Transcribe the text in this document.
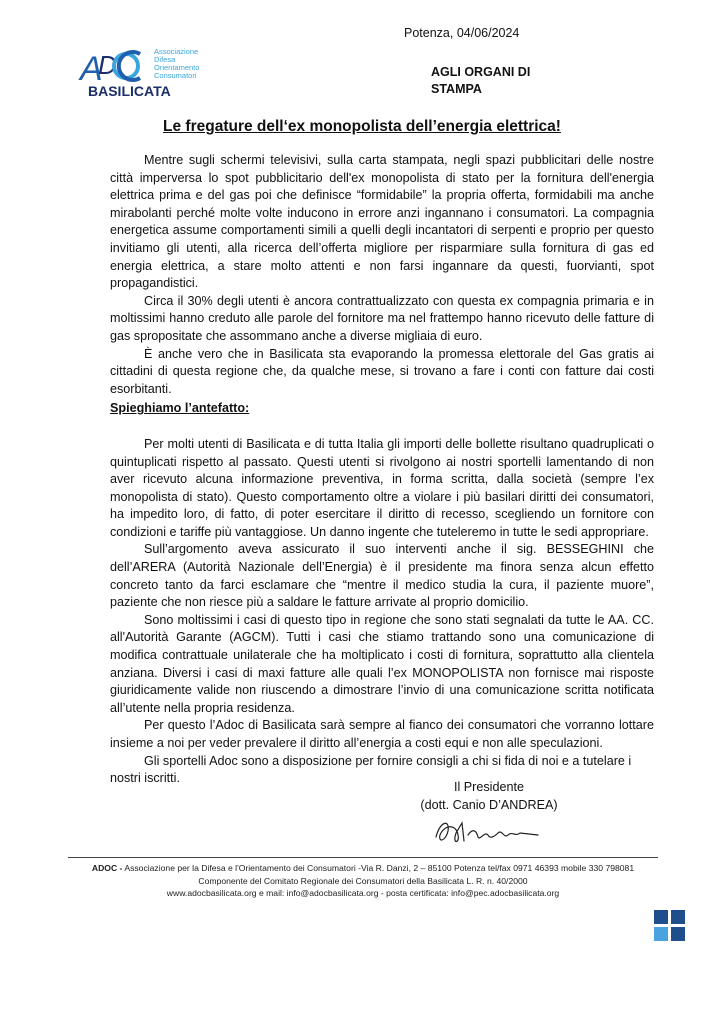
Potenza, 04/06/2024
A
D	Associazione
Difesa
Orientamento
Consumatori
BASILICATA
AGLI ORGANI DI
STAMPA
Le fregature dell‘ex monopolista dell’energia elettrica!

Mentre sugli schermi televisivi, sulla carta stampata, negli spazi pubblicitari delle nostre città imperversa lo spot pubblicitario dell'ex monopolista di stato per la fornitura dell'energia elettrica prima e del gas poi che definisce “formidabile” la propria offerta, formidabili ma anche mirabolanti perché molte volte inducono in errore anzi ingannano i consumatori. La compagnia energetica assume comportamenti simili a quelli degli incantatori di serpenti e proprio per questo invitiamo gli utenti, alla ricerca dell’offerta migliore per risparmiare sulla fornitura di gas ed energia elettrica, a stare molto attenti e non farsi ingannare da questi, fuorvianti, spot propagandistici.

Circa il 30% degli utenti è ancora contrattualizzato con questa ex compagnia primaria e in moltissimi hanno creduto alle parole del fornitore ma nel frattempo hanno ricevuto delle fatture di gas spropositate che assommano anche a diverse migliaia di euro.

È anche vero che in Basilicata sta evaporando la promessa elettorale del Gas gratis ai cittadini di questa regione che, da qualche mese, si trovano a fare i conti con fatture dai costi esorbitanti.

Spieghiamo l’antefatto:

Per molti utenti di Basilicata e di tutta Italia gli importi delle bollette risultano quadruplicati o quintuplicati rispetto al passato. Questi utenti si rivolgono ai nostri sportelli lamentando di non aver ricevuto alcuna informazione preventiva, in forma scritta, dalla società (sempre l’ex monopolista di stato). Questo comportamento oltre a violare i più basilari diritti dei consumatori, ha impedito loro, di fatto, di poter esercitare il diritto di recesso, scegliendo un fornitore con condizioni e tariffe più vantaggiose. Un danno ingente che tuteleremo in tutte le sedi appropriare.

Sull’argomento aveva assicurato il suo interventi anche il sig. BESSEGHINI che dell’ARERA (Autorità Nazionale dell’Energia) è il presidente ma finora senza alcun effetto concreto tanto da farci esclamare che “mentre il medico studia la cura, il paziente muore”, paziente che non riesce più a saldare le fatture arrivate al proprio domicilio.

Sono moltissimi i casi di questo tipo in regione che sono stati segnalati da tutte le AA. CC. all'Autorità Garante (AGCM). Tutti i casi che stiamo trattando sono una comunicazione di modifica contrattuale unilaterale che ha moltiplicato i costi di fornitura, soprattutto alla clientela anziana. Diversi i casi di maxi fatture alle quali l’ex MONOPOLISTA non fornisce mai risposte giuridicamente valide non riuscendo a dimostrare l’invio di una comunicazione scritta notificata all’utente nella propria residenza.

Per questo l’Adoc di Basilicata sarà sempre al fianco dei consumatori che vorranno lottare insieme a noi per veder prevalere il diritto all’energia a costi equi e non alle speculazioni.

Gli sportelli Adoc sono a disposizione per fornire consigli a chi si fida di noi e a tutelare i nostri iscritti.

Il Presidente
(dott. Canio D’ANDREA)
ADOC - Associazione per la Difesa e l'Orientamento dei Consumatori -Via R. Danzi, 2 – 85100 Potenza tel/fax 0971 46393 mobile 330 798081
Componente del Comitato Regionale dei Consumatori della Basilicata L. R. n. 40/2000
www.adocbasilicata.org e mail: info@adocbasilicata.org - posta certificata: info@pec.adocbasilicata.org
